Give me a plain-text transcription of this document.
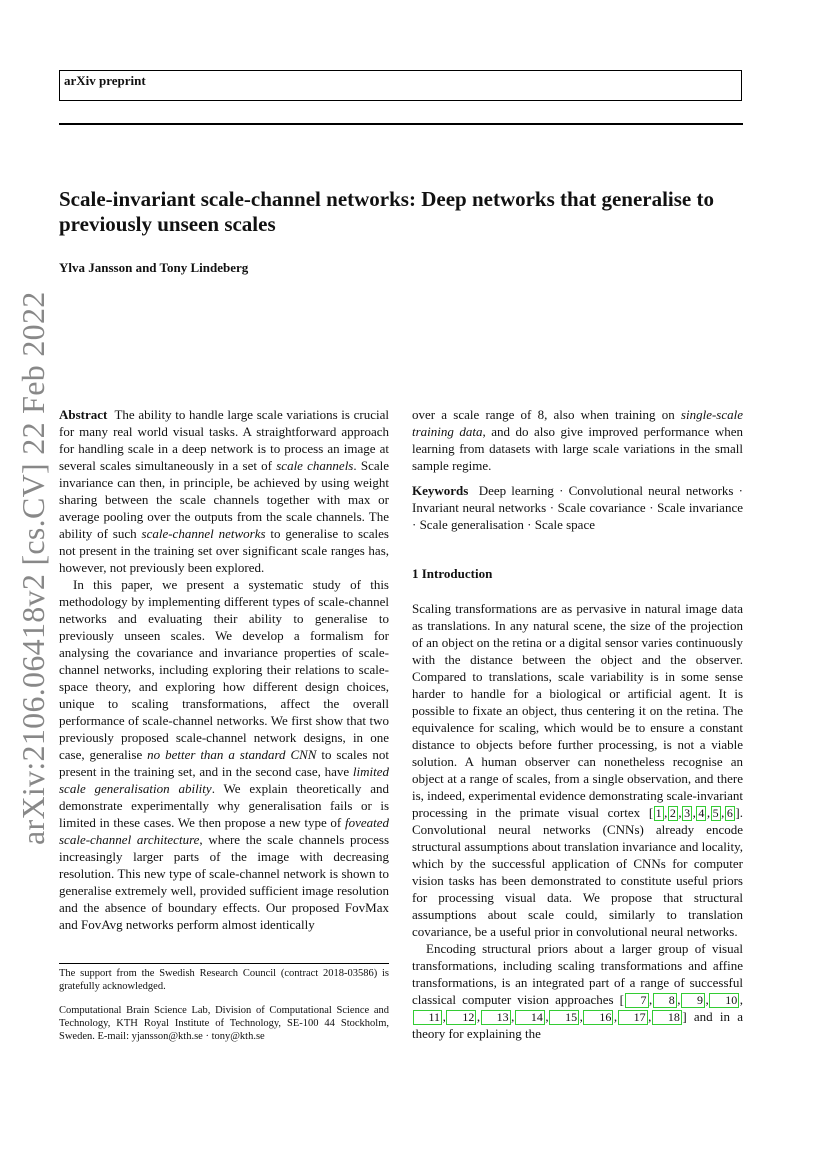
arXiv preprint
Scale-invariant scale-channel networks: Deep networks that generalise to previously unseen scales
Ylva Jansson and Tony Lindeberg
arXiv:2106.06418v2 [cs.CV] 22 Feb 2022 Abstract The ability to handle large scale variations is crucial for many real world visual tasks. A straightforward approach for handling scale in a deep network is to process an image at several scales simultaneously in a set of scale channels. Scale invariance can then, in principle, be achieved by using weight sharing between the scale channels together with max or average pooling over the outputs from the scale channels. The ability of such scale-channel networks to generalise to scales not present in the training set over significant scale ranges has, however, not previously been explored.

In this paper, we present a systematic study of this methodology by implementing different types of scale-channel networks and evaluating their ability to generalise to previously unseen scales. We develop a formalism for analysing the covariance and invariance properties of scale-channel networks, including exploring their relations to scale-space theory, and exploring how different design choices, unique to scaling transformations, affect the overall performance of scale-channel networks. We first show that two previously proposed scale-channel network designs, in one case, generalise no better than a standard CNN to scales not present in the training set, and in the second case, have limited scale generalisation ability. We explain theoretically and demonstrate experimentally why generalisation fails or is limited in these cases. We then propose a new type of foveated scale-channel architecture, where the scale channels process increasingly larger parts of the image with decreasing resolution. This new type of scale-channel network is shown to generalise extremely well, provided sufficient image resolution and the absence of boundary effects. Our proposed FovMax and FovAvg networks perform almost identically

The support from the Swedish Research Council (contract 2018-03586) is gratefully acknowledged.

Computational Brain Science Lab, Division of Computational Science and Technology, KTH Royal Institute of Technology, SE-100 44 Stockholm, Sweden. E-mail: yjansson@kth.se · tony@kth.se

over a scale range of 8, also when training on single-scale training data, and do also give improved performance when learning from datasets with large scale variations in the small sample regime.

Keywords Deep learning · Convolutional neural networks · Invariant neural networks · Scale covariance · Scale invariance · Scale generalisation · Scale space

1 Introduction

Scaling transformations are as pervasive in natural image data as translations. In any natural scene, the size of the projection of an object on the retina or a digital sensor varies continuously with the distance between the object and the observer. Compared to translations, scale variability is in some sense harder to handle for a biological or artificial agent. It is possible to fixate an object, thus centering it on the retina. The equivalence for scaling, which would be to ensure a constant distance to objects before further processing, is not a viable solution. A human observer can nonetheless recognise an object at a range of scales, from a single observation, and there is, indeed, experimental evidence demonstrating scale-invariant processing in the primate visual cortex [ 1 , 2 , 3 , 4 , 5 , 6 ]. Convolutional neural networks (CNNs) already encode structural assumptions about translation invariance and locality, which by the successful application of CNNs for computer vision tasks has been demonstrated to constitute useful priors for processing visual data. We propose that structural assumptions about scale could, similarly to translation covariance, be a useful prior in convolutional neural networks.

Encoding structural priors about a larger group of visual transformations, including scaling transformations and affine transformations, is an integrated part of a range of successful classical computer vision approaches [ 7 , 8 , 9 , 10 ,11 , 12 , 13 , 14 , 15 , 16 , 17 , 18 ] and in a theory for explaining the
